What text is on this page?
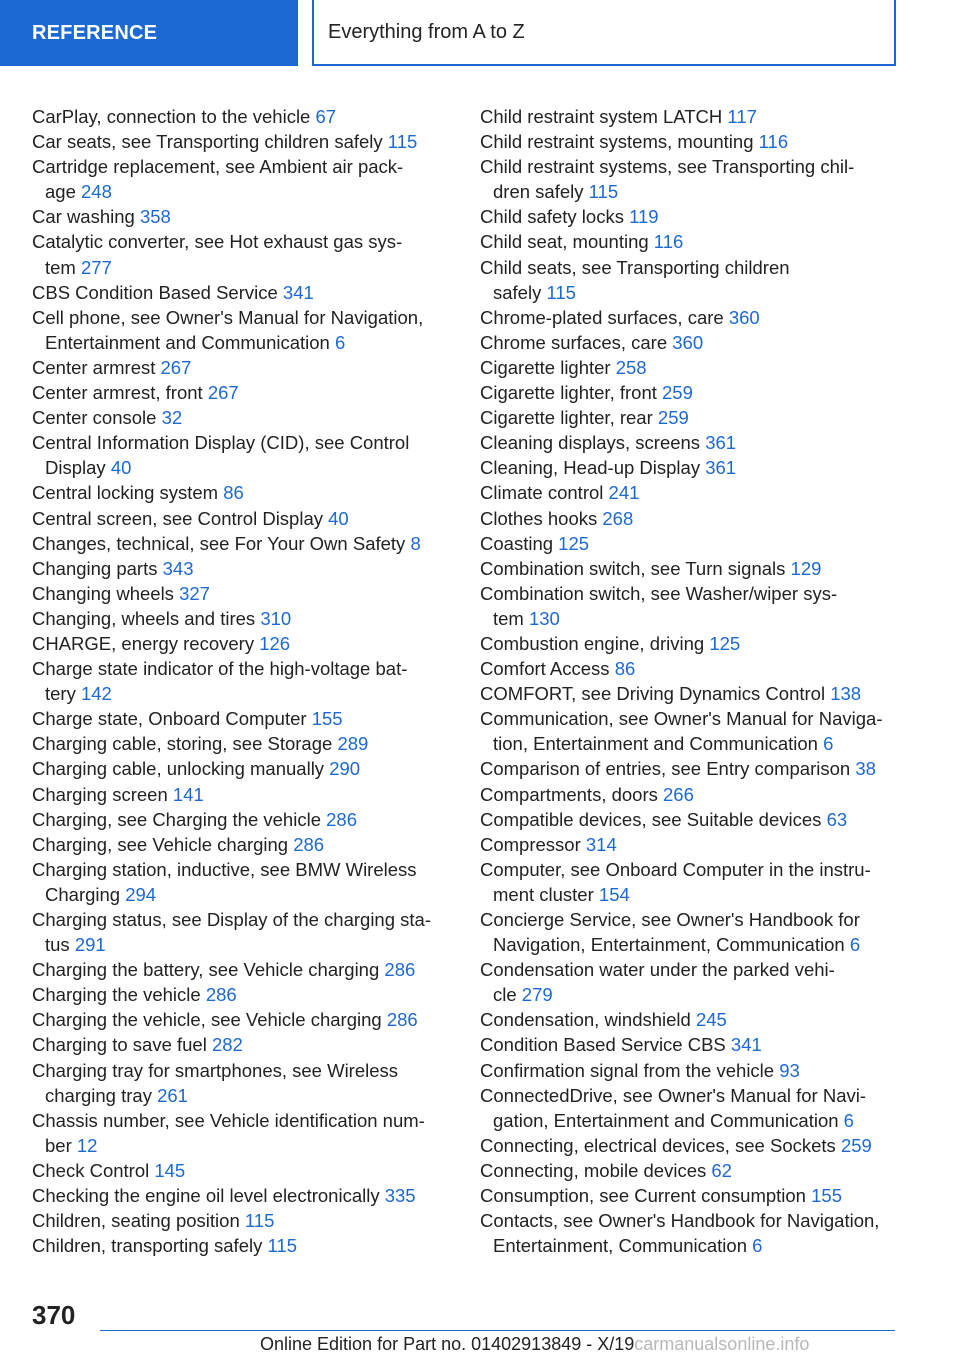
REFERENCE	Everything from A to Z
CarPlay, connection to the vehicle 67
Car seats, see Transporting children safely 115
Cartridge replacement, see Ambient air pack-
age 248
Car washing 358
Catalytic converter, see Hot exhaust gas sys-
tem 277
CBS Condition Based Service 341
Cell phone, see Owner's Manual for Navigation,
Entertainment and Communication 6
Center armrest 267
Center armrest, front 267
Center console 32
Central Information Display (CID), see Control
Display 40
Central locking system 86
Central screen, see Control Display 40
Changes, technical, see For Your Own Safety 8
Changing parts 343
Changing wheels 327
Changing, wheels and tires 310
CHARGE, energy recovery 126
Charge state indicator of the high-voltage bat-
tery 142
Charge state, Onboard Computer 155
Charging cable, storing, see Storage 289
Charging cable, unlocking manually 290
Charging screen 141
Charging, see Charging the vehicle 286
Charging, see Vehicle charging 286
Charging station, inductive, see BMW Wireless
Charging 294
Charging status, see Display of the charging sta-
tus 291
Charging the battery, see Vehicle charging 286
Charging the vehicle 286
Charging the vehicle, see Vehicle charging 286
Charging to save fuel 282
Charging tray for smartphones, see Wireless
charging tray 261
Chassis number, see Vehicle identification num-
ber 12
Check Control 145
Checking the engine oil level electronically 335
Children, seating position 115
Children, transporting safely 115
Child restraint system LATCH 117
Child restraint systems, mounting 116
Child restraint systems, see Transporting chil-
dren safely 115
Child safety locks 119
Child seat, mounting 116
Child seats, see Transporting children
safely 115
Chrome-plated surfaces, care 360
Chrome surfaces, care 360
Cigarette lighter 258
Cigarette lighter, front 259
Cigarette lighter, rear 259
Cleaning displays, screens 361
Cleaning, Head-up Display 361
Climate control 241
Clothes hooks 268
Coasting 125
Combination switch, see Turn signals 129
Combination switch, see Washer/wiper sys-
tem 130
Combustion engine, driving 125
Comfort Access 86
COMFORT, see Driving Dynamics Control 138
Communication, see Owner's Manual for Naviga-
tion, Entertainment and Communication 6
Comparison of entries, see Entry comparison 38
Compartments, doors 266
Compatible devices, see Suitable devices 63
Compressor 314
Computer, see Onboard Computer in the instru-
ment cluster 154
Concierge Service, see Owner's Handbook for
Navigation, Entertainment, Communication 6
Condensation water under the parked vehi-
cle 279
Condensation, windshield 245
Condition Based Service CBS 341
Confirmation signal from the vehicle 93
ConnectedDrive, see Owner's Manual for Navi-
gation, Entertainment and Communication 6
Connecting, electrical devices, see Sockets 259
Connecting, mobile devices 62
Consumption, see Current consumption 155
Contacts, see Owner's Handbook for Navigation,
Entertainment, Communication 6
370
Online Edition for Part no. 01402913849 - X/19carmanualsonline.info
